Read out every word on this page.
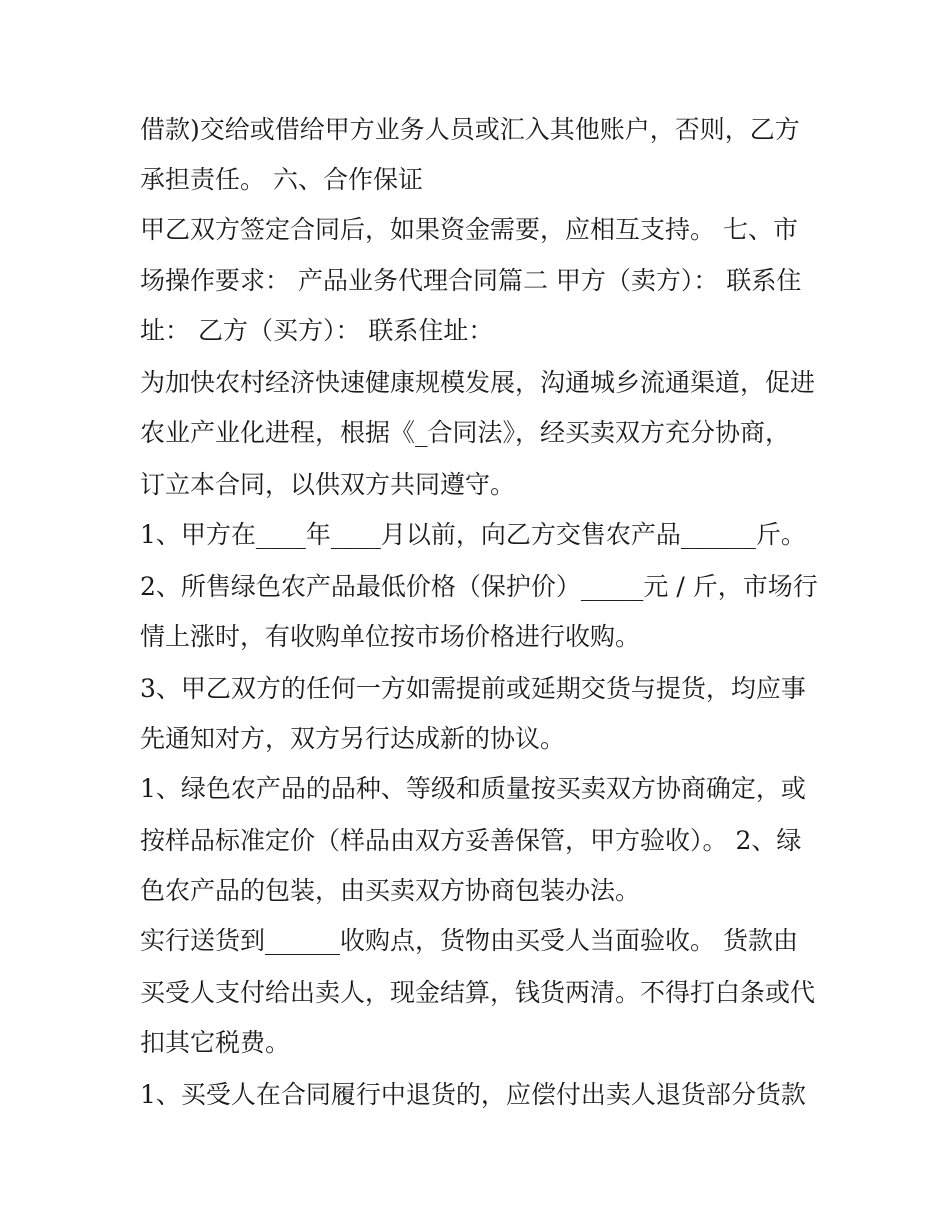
借款)交给或借给甲方业务人员或汇入其他账户，否则，乙方
承担责任。 六、合作保证
甲乙双方签定合同后，如果资金需要，应相互支持。 七、市
场操作要求： 产品业务代理合同篇二 甲方（卖方）： 联系住
址： 乙方（买方）： 联系住址：
为加快农村经济快速健康规模发展，沟通城乡流通渠道，促进
农业产业化进程，根据《_合同法》，经买卖双方充分协商，
订立本合同，以供双方共同遵守。
1、甲方在____年____月以前，向乙方交售农产品______斤。
2、所售绿色农产品最低价格（保护价）_____元 / 斤，市场行
情上涨时，有收购单位按市场价格进行收购。
3、甲乙双方的任何一方如需提前或延期交货与提货，均应事
先通知对方，双方另行达成新的协议。
1、绿色农产品的品种、等级和质量按买卖双方协商确定，或
按样品标准定价（样品由双方妥善保管，甲方验收）。 2、绿
色农产品的包装，由买卖双方协商包装办法。
实行送货到______收购点，货物由买受人当面验收。 货款由
买受人支付给出卖人，现金结算，钱货两清。不得打白条或代
扣其它税费。
1、买受人在合同履行中退货的，应偿付出卖人退货部分货款
